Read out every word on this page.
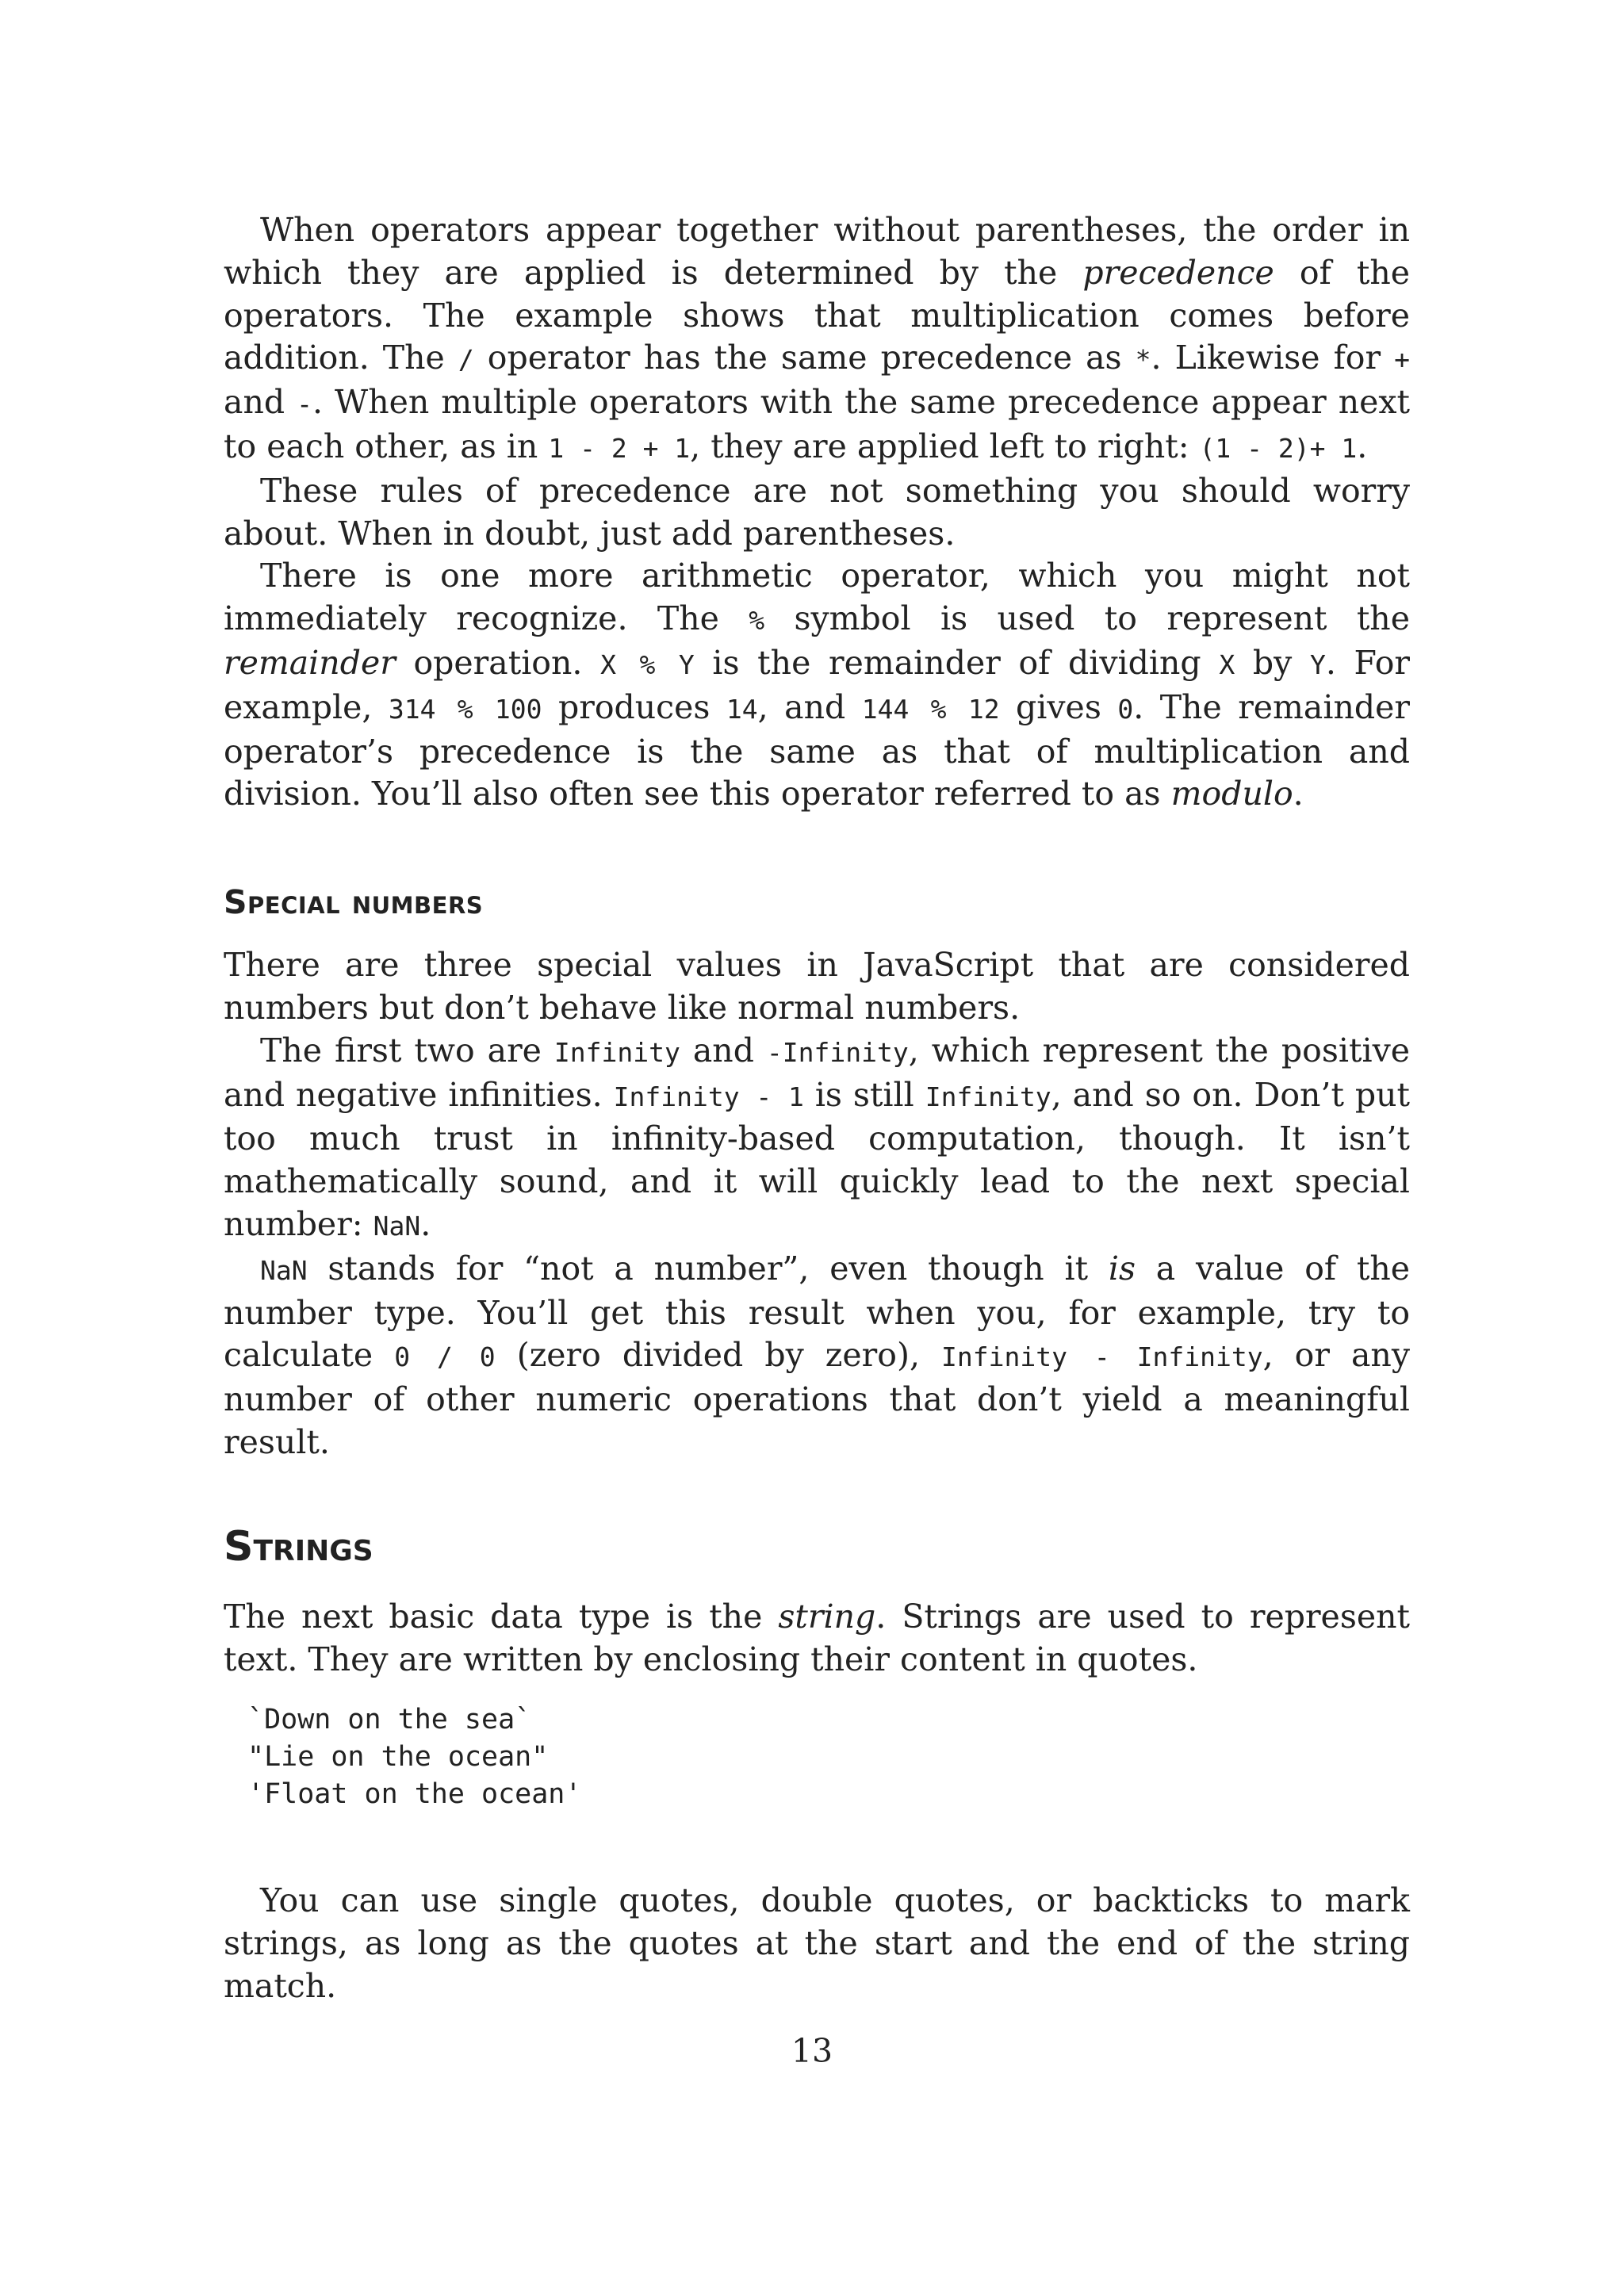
When operators appear together without parentheses, the order in which they are applied is determined by the precedence of the operators. The example shows that multiplication comes before addition. The / operator has the same precedence as *. Likewise for + and -. When multiple operators with the same precedence appear next to each other, as in 1 - 2 + 1, they are applied left to right: (1 - 2)+ 1.

These rules of precedence are not something you should worry about. When in doubt, just add parentheses.

There is one more arithmetic operator, which you might not immediately recognize. The % symbol is used to represent the remainder operation. X % Y is the remainder of dividing X by Y. For example, 314 % 100 produces 14, and 144 % 12 gives 0. The remainder operator’s precedence is the same as that of multiplication and division. You’ll also often see this operator referred to as modulo.

Special numbers

There are three special values in JavaScript that are considered numbers but don’t behave like normal numbers.

The first two are Infinity and -Infinity, which represent the positive and negative infinities. Infinity - 1 is still Infinity, and so on. Don’t put too much trust in infinity-based computation, though. It isn’t mathematically sound, and it will quickly lead to the next special number: NaN.

NaN stands for “not a number”, even though it is a value of the number type. You’ll get this result when you, for example, try to calculate 0 / 0 (zero divided by zero), Infinity - Infinity, or any number of other numeric operations that don’t yield a meaningful result.

Strings

The next basic data type is the string. Strings are used to represent text. They are written by enclosing their content in quotes.

`Down on the sea`
"Lie on the ocean"
'Float on the ocean'

You can use single quotes, double quotes, or backticks to mark strings, as long as the quotes at the start and the end of the string match.

13
